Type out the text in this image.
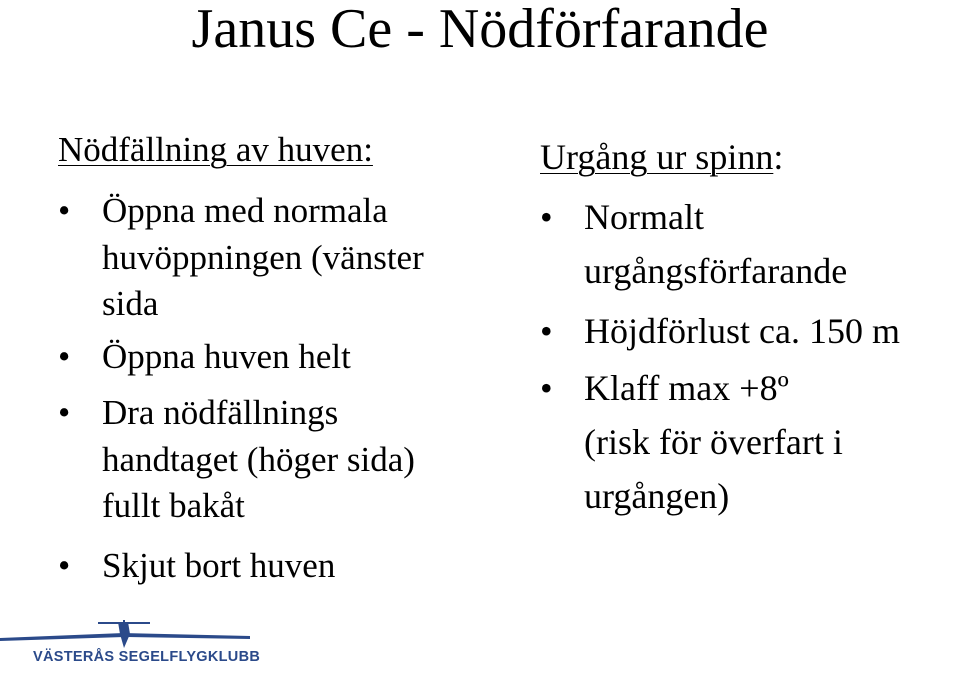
Janus Ce - Nödförfarande
Nödfällning av huven:
• Öppna med normala
huvöppningen (vänster
sida
• Öppna huven helt
• Dra nödfällnings
handtaget (höger sida)
fullt bakåt
• Skjut bort huven
Urgång ur spinn:
• Normalt
urgångsförfarande
• Höjdförlust ca. 150 m
• Klaff max +8º
(risk för överfart i
urgången)
VÄSTERÅS SEGELFLYGKLUBB
